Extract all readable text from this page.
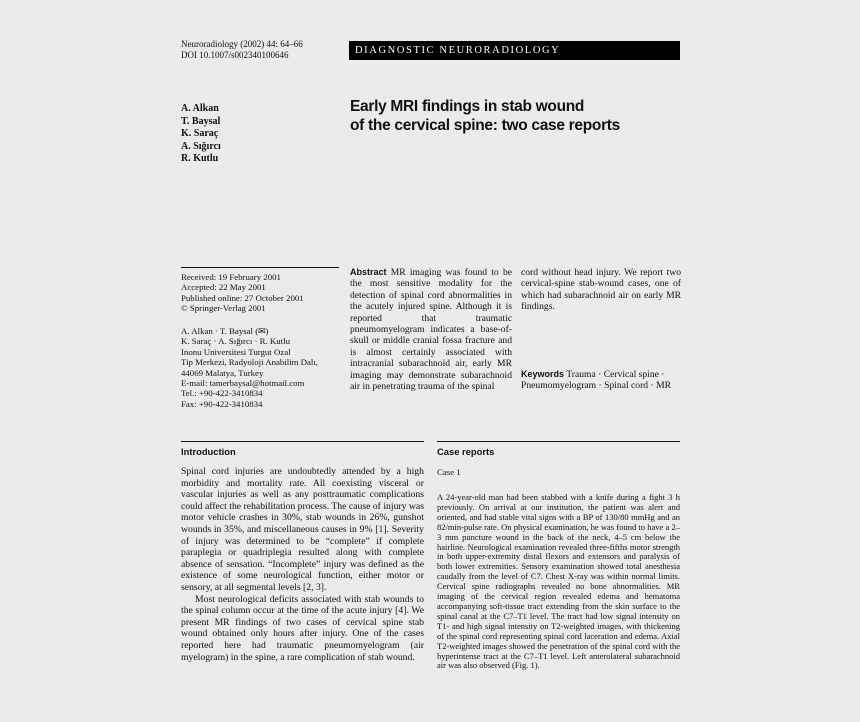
Neuroradiology (2002) 44: 64–66
DOI 10.1007/s002340100646	DIAGNOSTIC NEURORADIOLOGY
A. Alkan
T. Baysal
K. Saraç
A. Sığırcı
R. Kutlu
Early MRI findings in stab wound
of the cervical spine: two case reports
Received: 19 February 2001
Accepted: 22 May 2001
Published online: 27 October 2001
© Springer-Verlag 2001
A. Alkan · T. Baysal (✉)
K. Saraç · A. Sığırcı · R. Kutlu
Inonu Universitesi Turgut Ozal
Tip Merkezi, Radyoloji Anabilim Dalı,
44069 Malatya, Turkey
E-mail: tamerbaysal@hotmail.com
Tel.: +90-422-3410834
Fax: +90-422-3410834
Abstract MR imaging was found to be the most sensitive modality for the detection of spinal cord abnormalities in the acutely injured spine. Although it is reported that traumatic pneumomyelogram indicates a base-of-skull or middle cranial fossa fracture and is almost certainly associated with intracranial subarachnoid air, early MR imaging may demonstrate subarachnoid air in penetrating trauma of the spinal
cord without head injury. We report two cervical-spine stab-wound cases, one of which had subarachnoid air on early MR findings.
Keywords Trauma · Cervical spine · Pneumomyelogram · Spinal cord · MR
Introduction

Spinal cord injuries are undoubtedly attended by a high morbidity and mortality rate. All coexisting visceral or vascular injuries as well as any posttraumatic complications could affect the rehabilitation process. The cause of injury was motor vehicle crashes in 30%, stab wounds in 26%, gunshot wounds in 35%, and miscellaneous causes in 9% [1]. Severity of injury was determined to be “complete” if complete paraplegia or quadriplegia resulted along with complete absence of sensation. “Incomplete” injury was defined as the existence of some neurological function, either motor or sensory, at all segmental levels [2, 3].

Most neurological deficits associated with stab wounds to the spinal column occur at the time of the acute injury [4]. We present MR findings of two cases of cervical spine stab wound obtained only hours after injury. One of the cases reported here had traumatic pneumomyelogram (air myelogram) in the spine, a rare complication of stab wound.

Case reports
Case 1
A 24-year-old man had been stabbed with a knife during a fight 3 h previously. On arrival at our institution, the patient was alert and oriented, and had stable vital signs with a BP of 130/80 mmHg and an 82/min-pulse rate. On physical examination, he was found to have a 2–3 mm puncture wound in the back of the neck, 4–5 cm below the hairline. Neurological examination revealed three-fifths motor strength in both upper-extremity distal flexors and extensors and paralysis of both lower extremities. Sensory examination showed total anesthesia caudally from the level of C7. Chest X-ray was within normal limits. Cervical spine radiographs revealed no bone abnormalities. MR imaging of the cervical region revealed edema and hematoma accompanying soft-tissue tract extending from the skin surface to the spinal canal at the C7–T1 level. The tract had low signal intensity on T1- and high signal intensity on T2-weighted images, with thickening of the spinal cord representing spinal cord laceration and edema. Axial T2-weighted images showed the penetration of the spinal cord with the hyperintense tract at the C7–T1 level. Left anterolateral subarachnoid air was also observed (Fig. 1).
